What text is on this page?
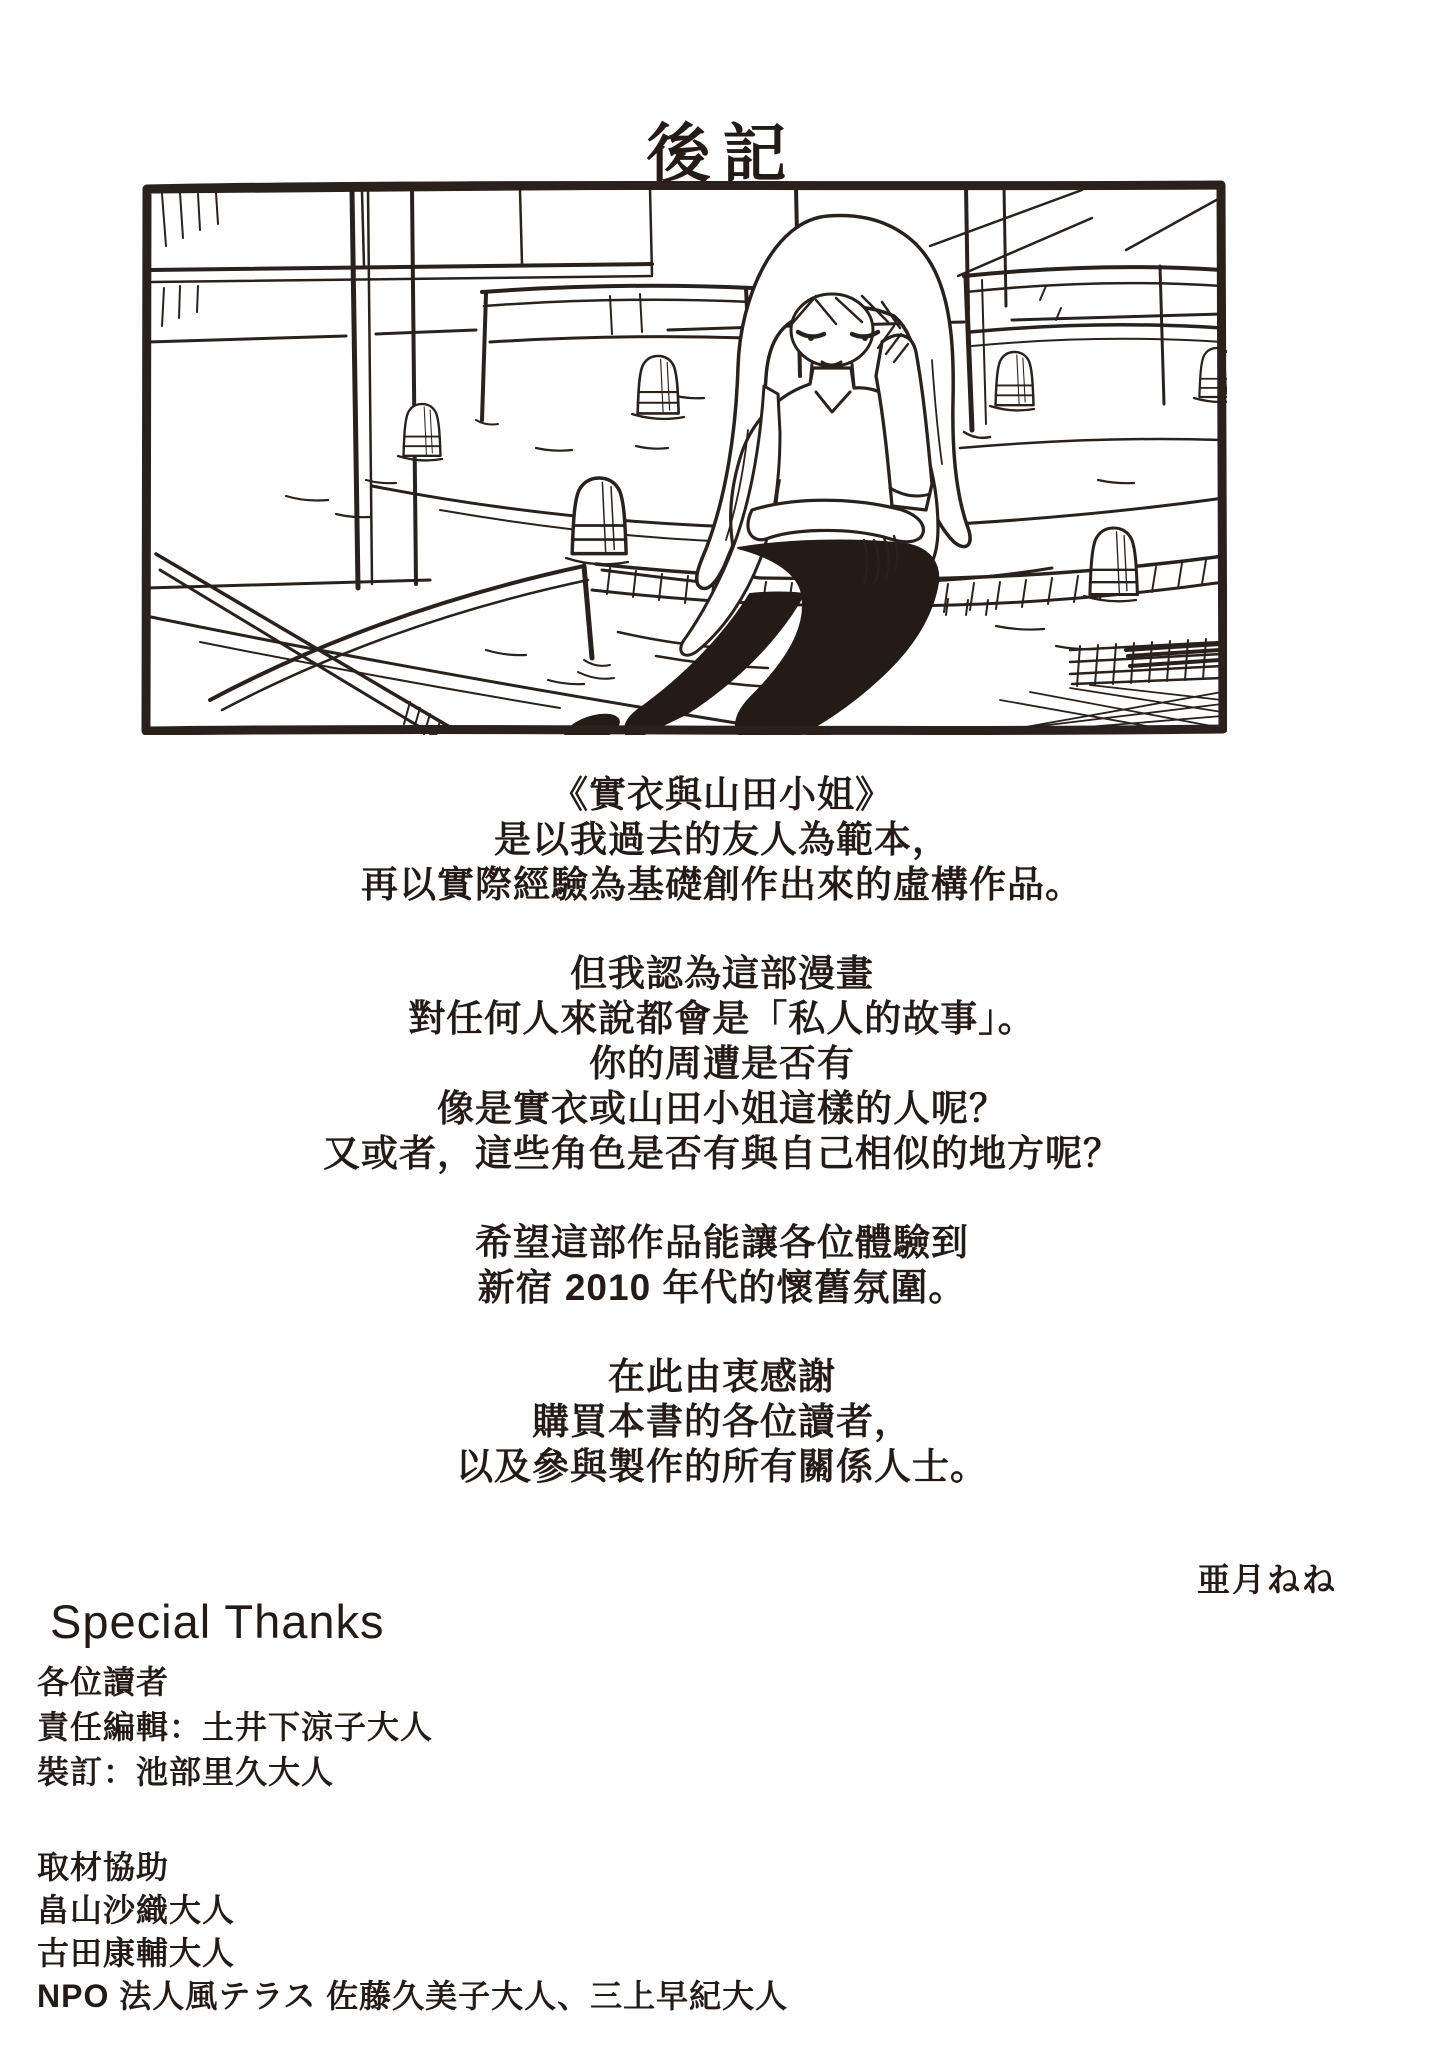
後記
《實衣與山田小姐》
是以我過去的友人為範本，
再以實際經驗為基礎創作出來的虛構作品。
但我認為這部漫畫
對任何人來說都會是「私人的故事」。
你的周遭是否有
像是實衣或山田小姐這樣的人呢？
又或者，這些角色是否有與自己相似的地方呢？
希望這部作品能讓各位體驗到
新宿 2010 年代的懷舊氛圍。
在此由衷感謝
購買本書的各位讀者，
以及參與製作的所有關係人士。
亜月ねね
Special Thanks
各位讀者
責任編輯：土井下涼子大人
裝訂：池部里久大人
取材協助
畠山沙織大人
古田康輔大人
NPO 法人風テラス 佐藤久美子大人、三上早紀大人
